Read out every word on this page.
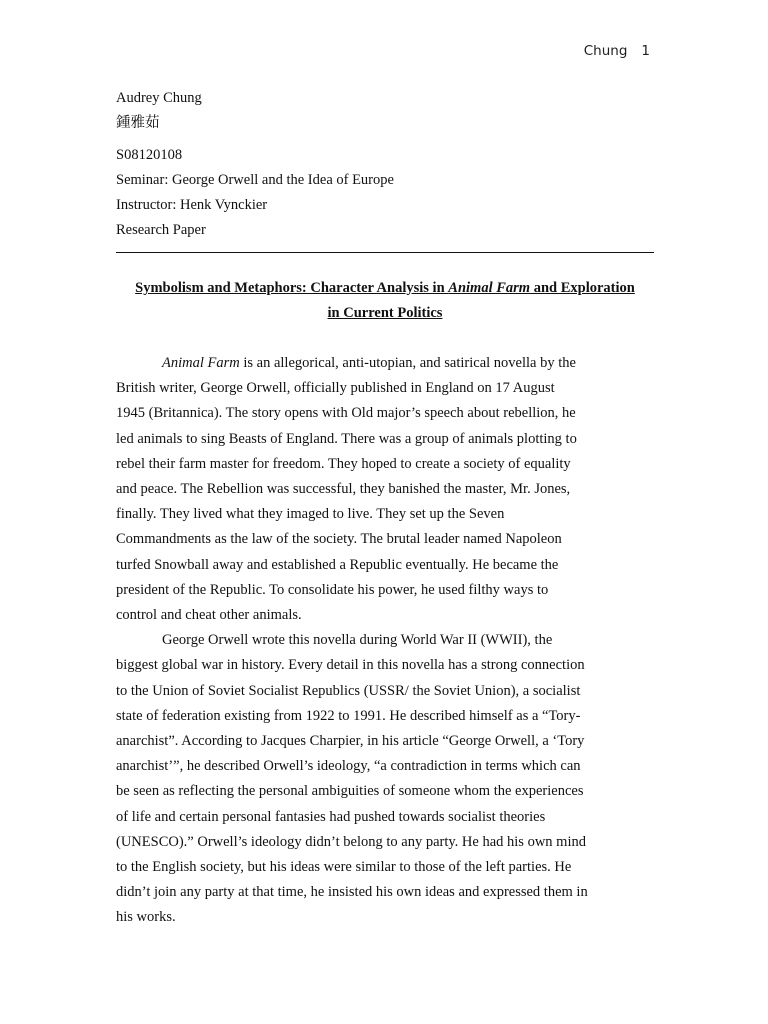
Chung 1
Audrey Chung
鍾雅茹
S08120108
Seminar: George Orwell and the Idea of Europe
Instructor: Henk Vynckier
Research Paper
Symbolism and Metaphors: Character Analysis in Animal Farm and Exploration
in Current Politics
Animal Farm is an allegorical, anti-utopian, and satirical novella by the
British writer, George Orwell, officially published in England on 17 August
1945 (Britannica). The story opens with Old major’s speech about rebellion, he
led animals to sing Beasts of England. There was a group of animals plotting to
rebel their farm master for freedom. They hoped to create a society of equality
and peace. The Rebellion was successful, they banished the master, Mr. Jones,
finally. They lived what they imaged to live. They set up the Seven
Commandments as the law of the society. The brutal leader named Napoleon
turfed Snowball away and established a Republic eventually. He became the
president of the Republic. To consolidate his power, he used filthy ways to
control and cheat other animals.
George Orwell wrote this novella during World War II (WWII), the
biggest global war in history. Every detail in this novella has a strong connection
to the Union of Soviet Socialist Republics (USSR/ the Soviet Union), a socialist
state of federation existing from 1922 to 1991. He described himself as a “Tory-
anarchist”. According to Jacques Charpier, in his article “George Orwell, a ‘Tory
anarchist’”, he described Orwell’s ideology, “a contradiction in terms which can
be seen as reflecting the personal ambiguities of someone whom the experiences
of life and certain personal fantasies had pushed towards socialist theories
(UNESCO).” Orwell’s ideology didn’t belong to any party. He had his own mind
to the English society, but his ideas were similar to those of the left parties. He
didn’t join any party at that time, he insisted his own ideas and expressed them in
his works.
